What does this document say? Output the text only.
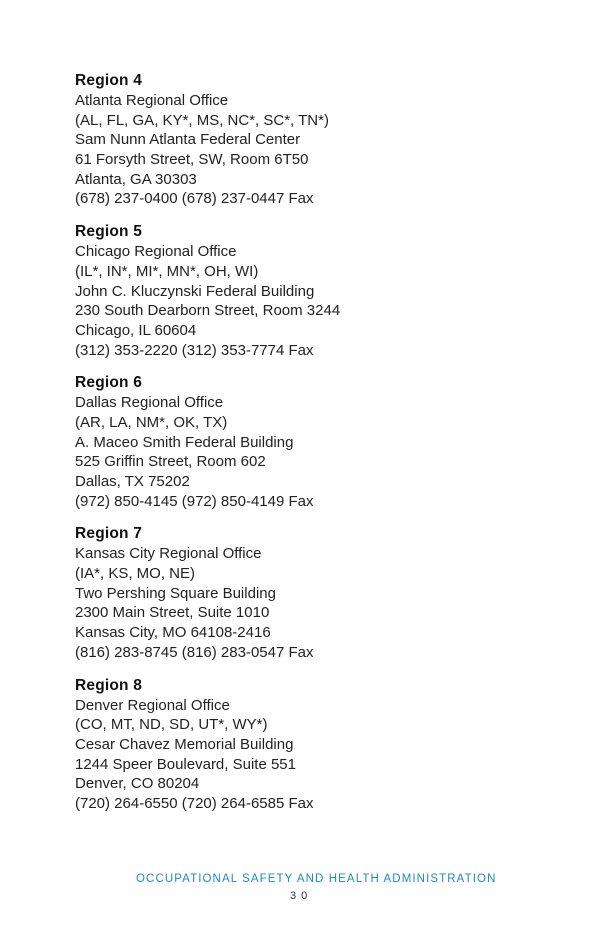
Region 4
Atlanta Regional Office
(AL, FL, GA, KY*, MS, NC*, SC*, TN*)
Sam Nunn Atlanta Federal Center
61 Forsyth Street, SW, Room 6T50
Atlanta, GA 30303
(678) 237-0400 (678) 237-0447 Fax
Region 5
Chicago Regional Office
(IL*, IN*, MI*, MN*, OH, WI)
John C. Kluczynski Federal Building
230 South Dearborn Street, Room 3244
Chicago, IL 60604
(312) 353-2220 (312) 353-7774 Fax
Region 6
Dallas Regional Office
(AR, LA, NM*, OK, TX)
A. Maceo Smith Federal Building
525 Griffin Street, Room 602
Dallas, TX 75202
(972) 850-4145 (972) 850-4149 Fax
Region 7
Kansas City Regional Office
(IA*, KS, MO, NE)
Two Pershing Square Building
2300 Main Street, Suite 1010
Kansas City, MO 64108-2416
(816) 283-8745 (816) 283-0547 Fax
Region 8
Denver Regional Office
(CO, MT, ND, SD, UT*, WY*)
Cesar Chavez Memorial Building
1244 Speer Boulevard, Suite 551
Denver, CO 80204
(720) 264-6550 (720) 264-6585 Fax
OCCUPATIONAL SAFETY AND HEALTH ADMINISTRATION
30
